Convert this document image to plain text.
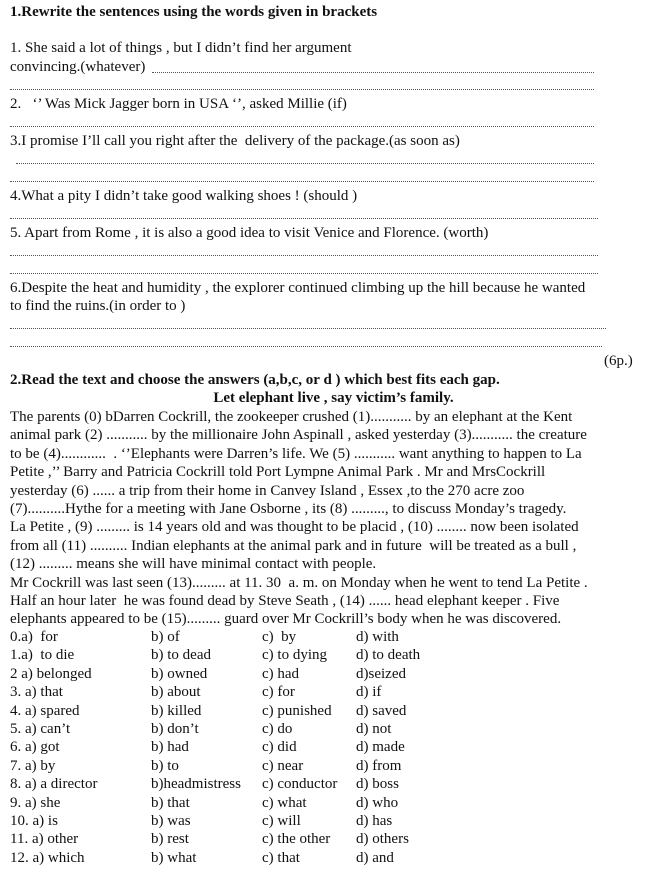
1.Rewrite the sentences using the words given in brackets
1. She said a lot of things , but I didn’t find her argument
convincing.(whatever)
2.   ‘’ Was Mick Jagger born in USA ‘’, asked Millie (if)
3.I promise I’ll call you right after the  delivery of the package.(as soon as)
4.What a pity I didn’t take good walking shoes ! (should )
5. Apart from Rome , it is also a good idea to visit Venice and Florence. (worth)
6.Despite the heat and humidity , the explorer continued climbing up the hill because he wanted
to find the ruins.(in order to )
(6p.)
2.Read the text and choose the answers (a,b,c, or d ) which best fits each gap.
Let elephant live , say victim’s family.
The parents (0) bDarren Cockrill, the zookeeper crushed (1)........... by an elephant at the Kent
animal park (2) ........... by the millionaire John Aspinall , asked yesterday (3)........... the creature
to be (4)............  . ‘’Elephants were Darren’s life. We (5) ........... want anything to happen to La
Petite ,’’ Barry and Patricia Cockrill told Port Lympne Animal Park . Mr and MrsCockrill
yesterday (6) ...... a trip from their home in Canvey Island , Essex ,to the 270 acre zoo
(7)..........Hythe for a meeting with Jane Osborne , its (8) ........., to discuss Monday’s tragedy.
La Petite , (9) ......... is 14 years old and was thought to be placid , (10) ........ now been isolated
from all (11) .......... Indian elephants at the animal park and in future  will be treated as a bull ,
(12) ......... means she will have minimal contact with people.
Mr Cockrill was last seen (13)......... at 11. 30  a. m. on Monday when he went to tend La Petite .
Half an hour later  he was found dead by Steve Seath , (14) ...... head elephant keeper . Five
elephants appeared to be (15)......... guard over Mr Cockrill’s body when he was discovered.
0.a)  for	b) of	c)  by	d) with
1.a)  to die	b) to dead	c) to dying d) to death
2 a) belonged	b) owned	c) had	d)seized
3. a) that	b) about	c) for	d) if
4. a) spared	b) killed	c) punished d) saved
5. a) can’t	b) don’t	c) do	d) not
6. a) got	b) had	c) did	d) made
7. a) by	b) to	c) near	d) from
8. a) a director	b)headmistress c) conductor d) boss
9. a) she	b) that	c) what	d) who
10. a) is	b) was	c) will	d) has
11. a) other	b) rest	c) the other d) others
12. a) which	b) what	c) that	d) and
